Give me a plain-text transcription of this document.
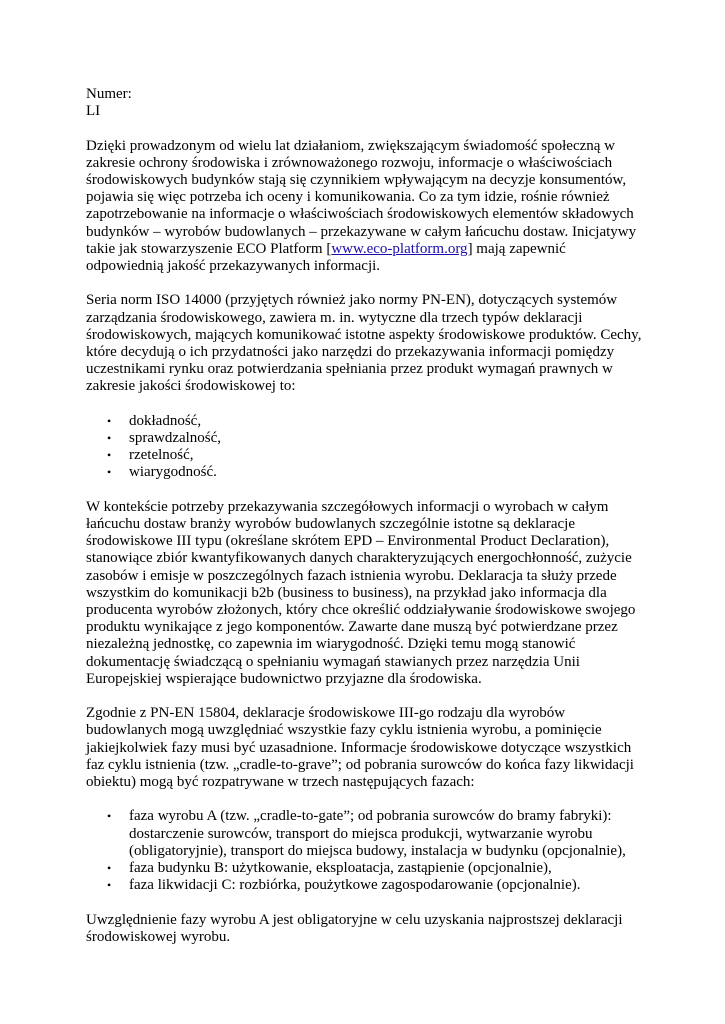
Numer:
LI

Dzięki prowadzonym od wielu lat działaniom, zwiększającym świadomość społeczną w zakresie ochrony środowiska i zrównoważonego rozwoju, informacje o właściwościach środowiskowych budynków stają się czynnikiem wpływającym na decyzje konsumentów, pojawia się więc potrzeba ich oceny i komunikowania. Co za tym idzie, rośnie również zapotrzebowanie na informacje o właściwościach środowiskowych elementów składowych budynków – wyrobów budowlanych – przekazywane w całym łańcuchu dostaw. Inicjatywy takie jak stowarzyszenie ECO Platform [www.eco-platform.org] mają zapewnić odpowiednią jakość przekazywanych informacji.

Seria norm ISO 14000 (przyjętych również jako normy PN-EN), dotyczących systemów zarządzania środowiskowego, zawiera m. in. wytyczne dla trzech typów deklaracji środowiskowych, mających komunikować istotne aspekty środowiskowe produktów. Cechy, które decydują o ich przydatności jako narzędzi do przekazywania informacji pomiędzy uczestnikami rynku oraz potwierdzania spełniania przez produkt wymagań prawnych w zakresie jakości środowiskowej to:

• dokładność,
• sprawdzalność,
• rzetelność,
• wiarygodność.

W kontekście potrzeby przekazywania szczegółowych informacji o wyrobach w całym łańcuchu dostaw branży wyrobów budowlanych szczególnie istotne są deklaracje środowiskowe III typu (określane skrótem EPD – Environmental Product Declaration), stanowiące zbiór kwantyfikowanych danych charakteryzujących energochłonność, zużycie zasobów i emisje w poszczególnych fazach istnienia wyrobu. Deklaracja ta służy przede wszystkim do komunikacji b2b (business to business), na przykład jako informacja dla producenta wyrobów złożonych, który chce określić oddziaływanie środowiskowe swojego produktu wynikające z jego komponentów. Zawarte dane muszą być potwierdzane przez niezależną jednostkę, co zapewnia im wiarygodność. Dzięki temu mogą stanowić dokumentację świadczącą o spełnianiu wymagań stawianych przez narzędzia Unii Europejskiej wspierające budownictwo przyjazne dla środowiska.

Zgodnie z PN-EN 15804, deklaracje środowiskowe III-go rodzaju dla wyrobów budowlanych mogą uwzględniać wszystkie fazy cyklu istnienia wyrobu, a pominięcie jakiejkolwiek fazy musi być uzasadnione. Informacje środowiskowe dotyczące wszystkich faz cyklu istnienia (tzw. „cradle-to-grave”; od pobrania surowców do końca fazy likwidacji obiektu) mogą być rozpatrywane w trzech następujących fazach:

• faza wyrobu A (tzw. „cradle-to-gate”; od pobrania surowców do bramy fabryki): dostarczenie surowców, transport do miejsca produkcji, wytwarzanie wyrobu (obligatoryjnie), transport do miejsca budowy, instalacja w budynku (opcjonalnie),
• faza budynku B: użytkowanie, eksploatacja, zastąpienie (opcjonalnie),
• faza likwidacji C: rozbiórka, poużytkowe zagospodarowanie (opcjonalnie).

Uwzględnienie fazy wyrobu A jest obligatoryjne w celu uzyskania najprostszej deklaracji środowiskowej wyrobu.
